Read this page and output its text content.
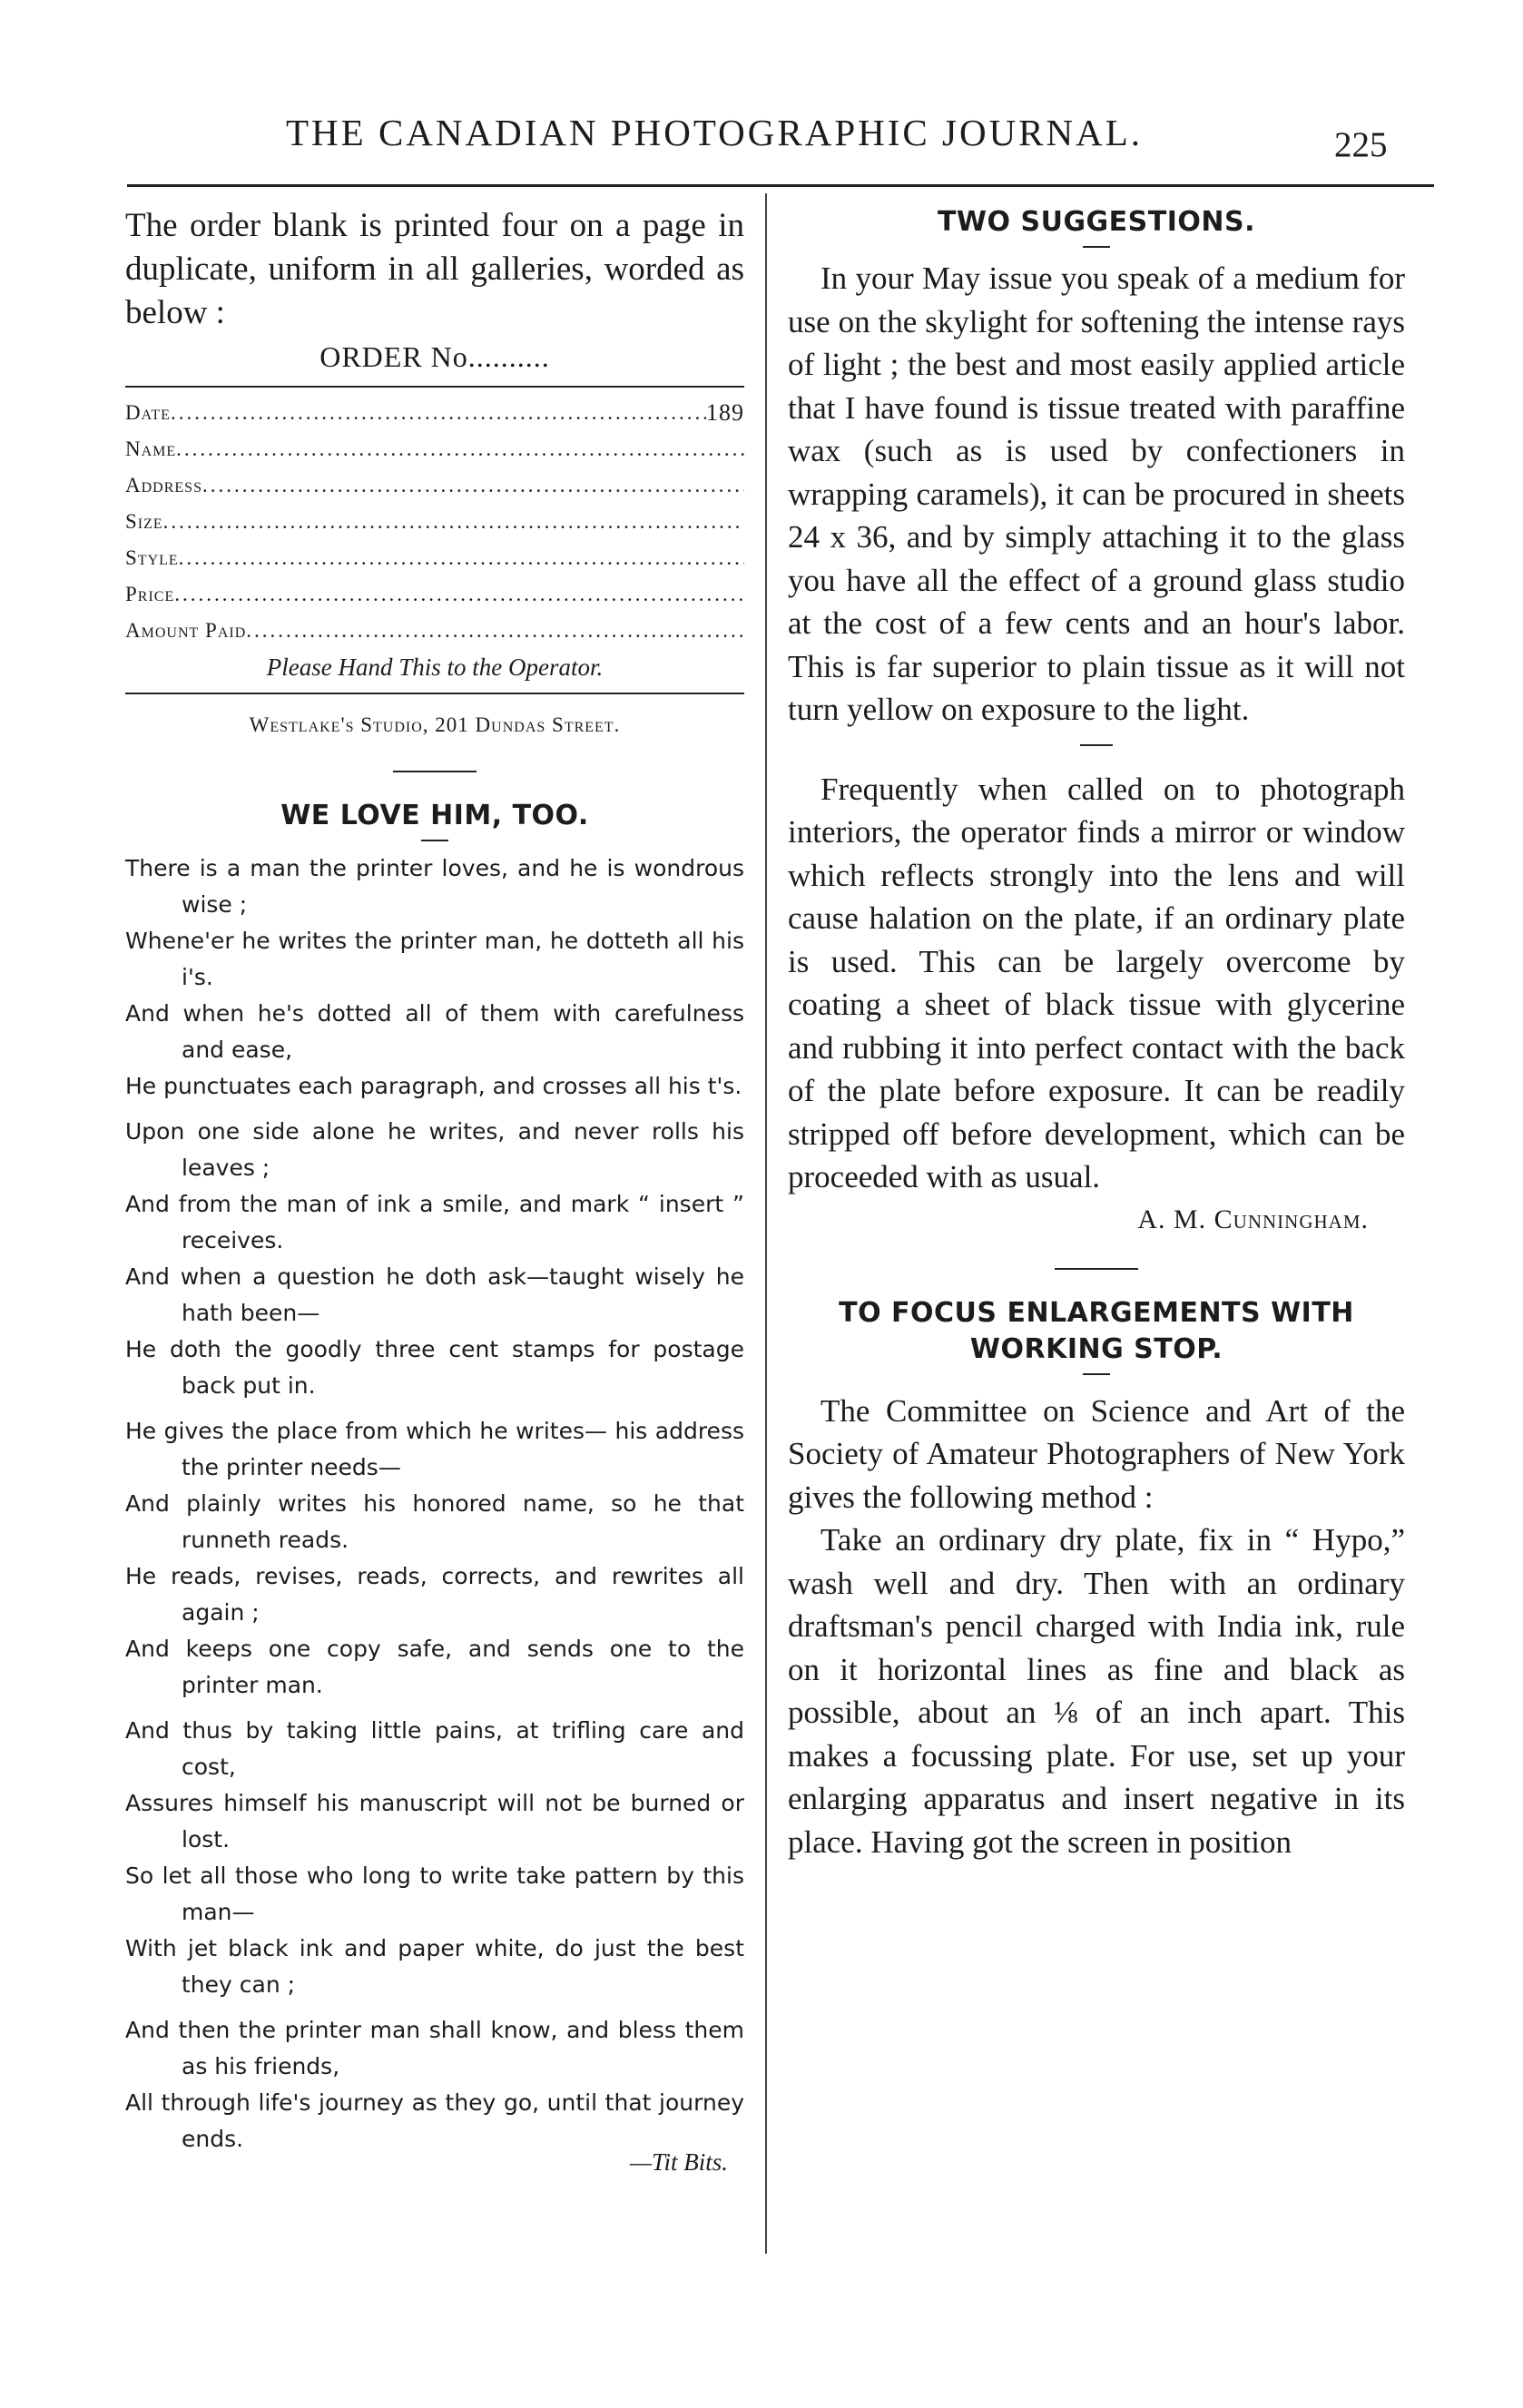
THE CANADIAN PHOTOGRAPHIC JOURNAL.	225

The order blank is printed four on a page in duplicate, uniform in all galleries, worded as below :

ORDER No..........
Date
.....	189
Name
.....
Address
.....
Size
.....
Style
.....
Price
.....
Amount Paid
.....

Please Hand This to the Operator.

Westlake's Studio, 201 Dundas Street.
WE LOVE HIM, TOO.

There is a man the printer loves, and he is wondrous wise ;

Whene'er he writes the printer man, he dotteth all his i's.

And when he's dotted all of them with carefulness and ease,

He punctuates each paragraph, and crosses all his t's.

Upon one side alone he writes, and never rolls his leaves ;

And from the man of ink a smile, and mark “ insert ” receives.

And when a question he doth ask—taught wisely he hath been—

He doth the goodly three cent stamps for postage back put in.

He gives the place from which he writes— his address the printer needs—

And plainly writes his honored name, so he that runneth reads.

He reads, revises, reads, corrects, and rewrites all again ;

And keeps one copy safe, and sends one to the printer man.

And thus by taking little pains, at trifling care and cost,

Assures himself his manuscript will not be burned or lost.

So let all those who long to write take pattern by this man—

With jet black ink and paper white, do just the best they can ;

And then the printer man shall know, and bless them as his friends,

All through life's journey as they go, until that journey ends.

—Tit Bits.
TWO SUGGESTIONS.

In your May issue you speak of a medium for use on the skylight for softening the intense rays of light ; the best and most easily applied article that I have found is tissue treated with paraffine wax (such as is used by confectioners in wrapping caramels), it can be procured in sheets 24 x 36, and by simply attaching it to the glass you have all the effect of a ground glass studio at the cost of a few cents and an hour's labor. This is far superior to plain tissue as it will not turn yellow on exposure to the light.

Frequently when called on to photograph interiors, the operator finds a mirror or window which reflects strongly into the lens and will cause halation on the plate, if an ordinary plate is used. This can be largely overcome by coating a sheet of black tissue with glycerine and rubbing it into perfect contact with the back of the plate before exposure. It can be readily stripped off before development, which can be proceeded with as usual.

A. M. Cunningham.

TO FOCUS ENLARGEMENTS WITH WORKING STOP.

The Committee on Science and Art of the Society of Amateur Photographers of New York gives the following method :

Take an ordinary dry plate, fix in “ Hypo,” wash well and dry. Then with an ordinary draftsman's pencil charged with India ink, rule on it horizontal lines as fine and black as possible, about an ⅛ of an inch apart. This makes a focussing plate. For use, set up your enlarging apparatus and insert negative in its place. Having got the screen in position
